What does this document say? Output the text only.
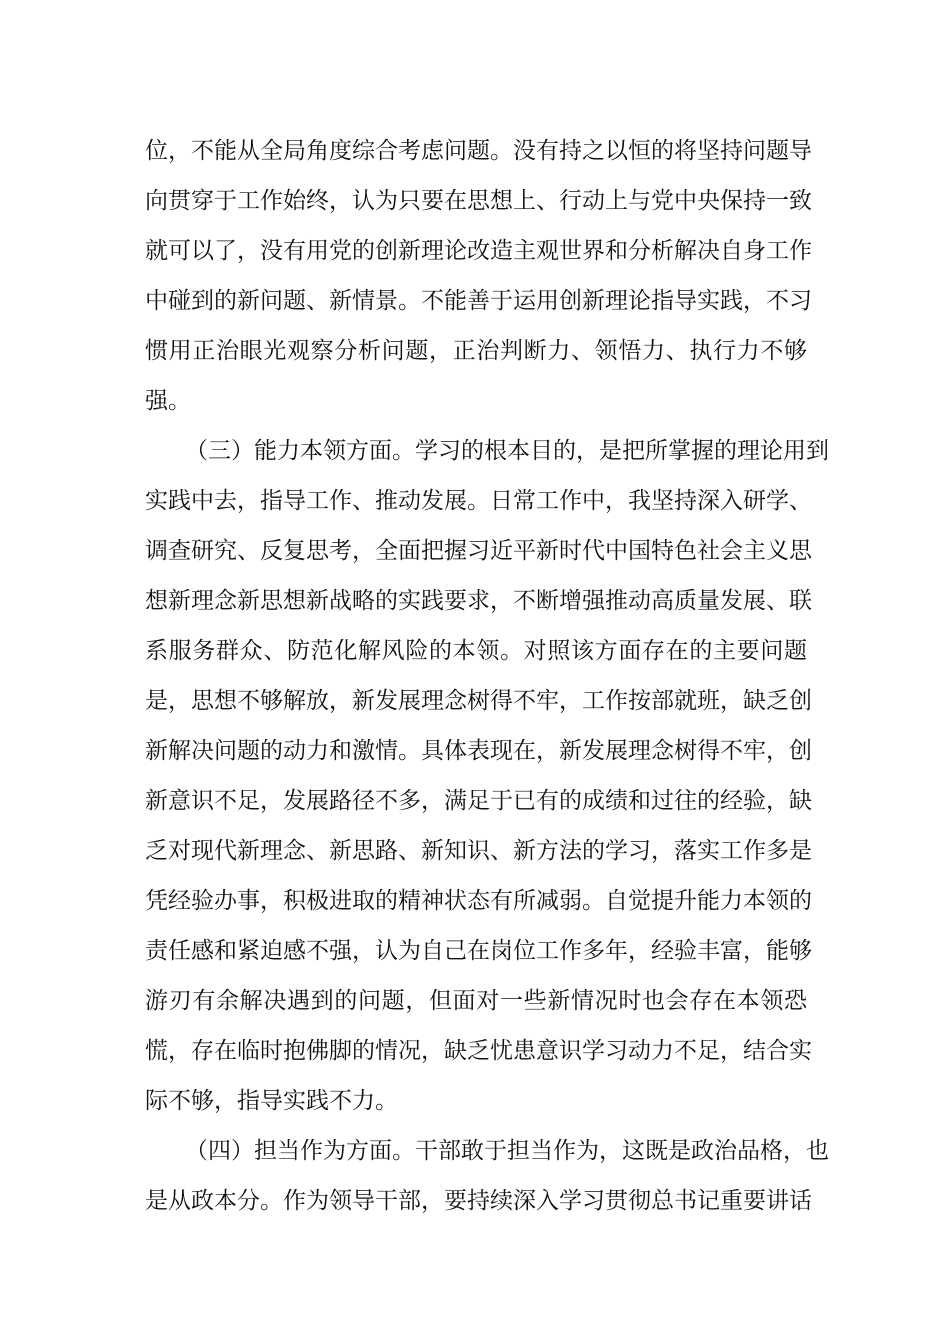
位，不能从全局角度综合考虑问题。没有持之以恒的将坚持问题导
向贯穿于工作始终，认为只要在思想上、行动上与党中央保持一致
就可以了，没有用党的创新理论改造主观世界和分析解决自身工作
中碰到的新问题、新情景。不能善于运用创新理论指导实践，不习
惯用正治眼光观察分析问题，正治判断力、领悟力、执行力不够
强。
（三）能力本领方面。学习的根本目的，是把所掌握的理论用到
实践中去，指导工作、推动发展。日常工作中，我坚持深入研学、
调查研究、反复思考，全面把握习近平新时代中国特色社会主义思
想新理念新思想新战略的实践要求，不断增强推动高质量发展、联
系服务群众、防范化解风险的本领。对照该方面存在的主要问题
是，思想不够解放，新发展理念树得不牢，工作按部就班，缺乏创
新解决问题的动力和激情。具体表现在，新发展理念树得不牢，创
新意识不足，发展路径不多，满足于已有的成绩和过往的经验，缺
乏对现代新理念、新思路、新知识、新方法的学习，落实工作多是
凭经验办事，积极进取的精神状态有所减弱。自觉提升能力本领的
责任感和紧迫感不强，认为自己在岗位工作多年，经验丰富，能够
游刃有余解决遇到的问题，但面对一些新情况时也会存在本领恐
慌，存在临时抱佛脚的情况，缺乏忧患意识学习动力不足，结合实
际不够，指导实践不力。
（四）担当作为方面。干部敢于担当作为，这既是政治品格，也
是从政本分。作为领导干部，要持续深入学习贯彻总书记重要讲话
